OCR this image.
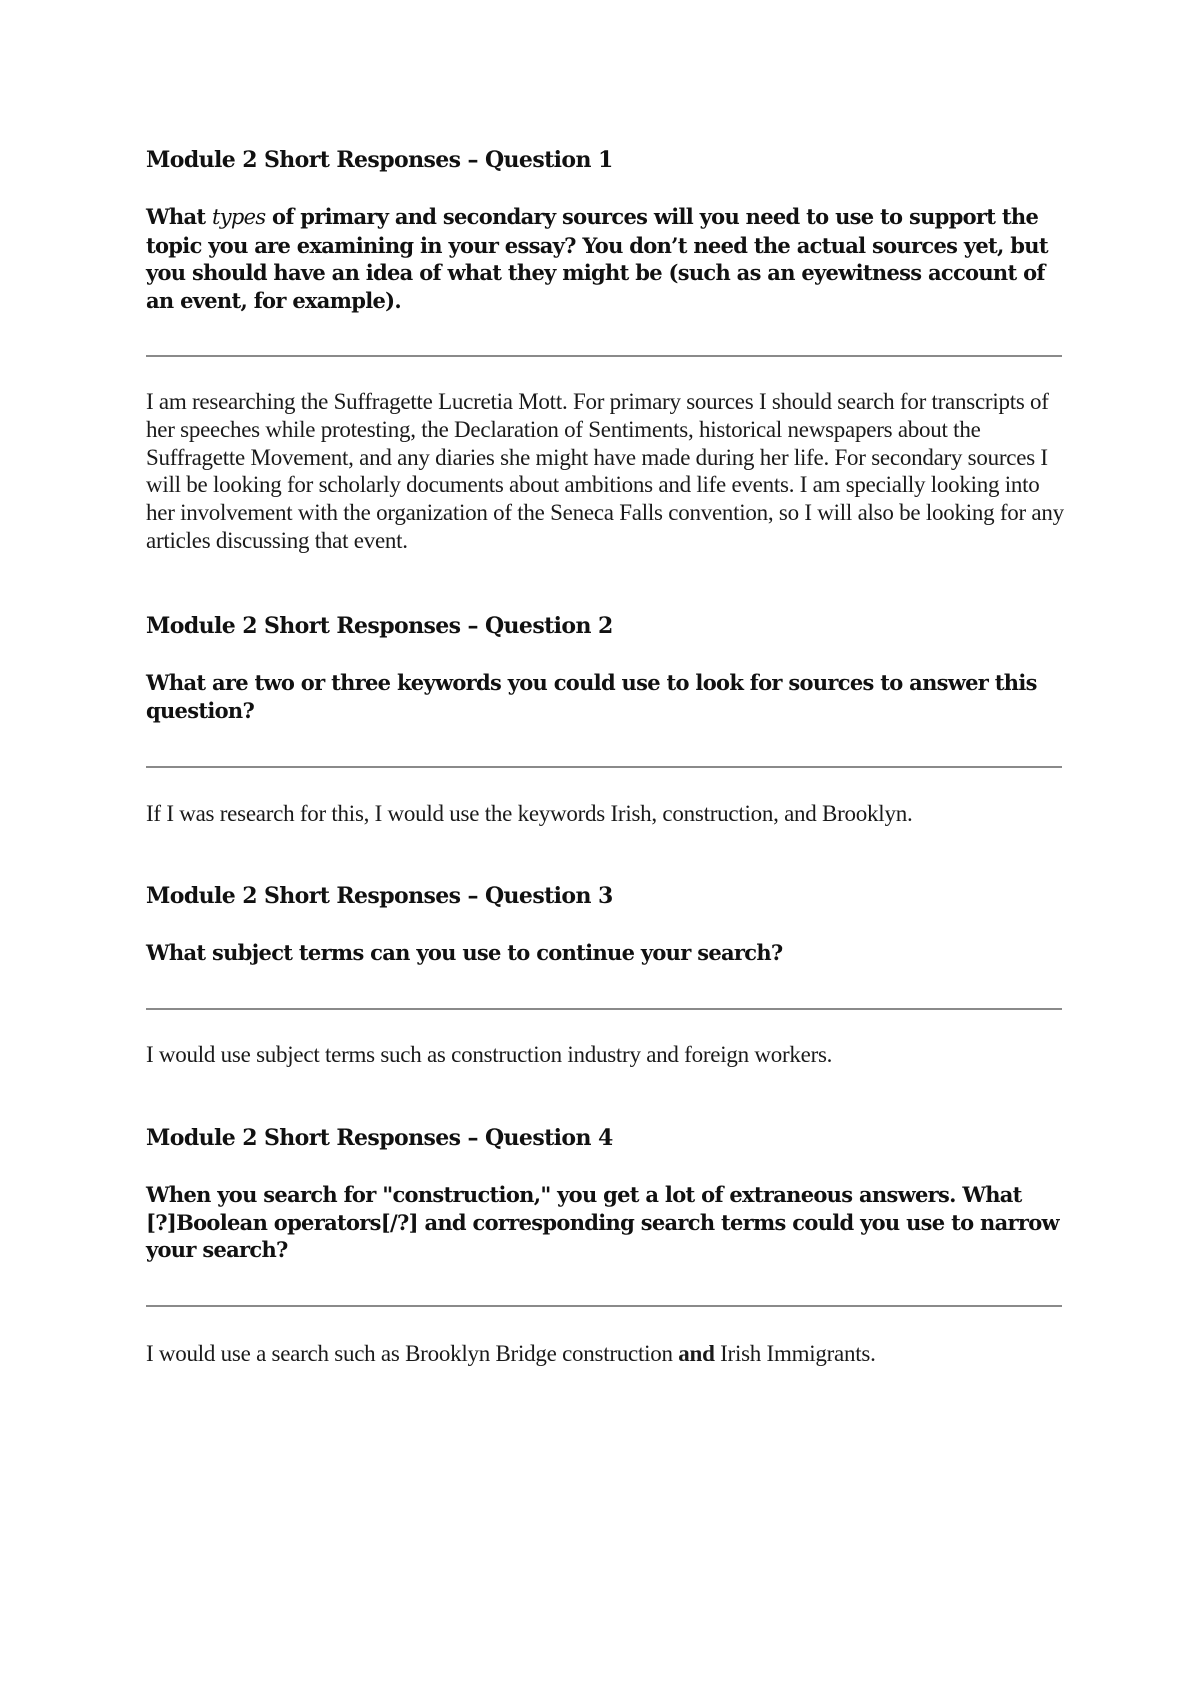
Module 2 Short Responses – Question 1
What types of primary and secondary sources will you need to use to support the topic you are examining in your essay? You don’t need the actual sources yet, but you should have an idea of what they might be (such as an eyewitness account of an event, for example).
I am researching the Suffragette Lucretia Mott. For primary sources I should search for transcripts of her speeches while protesting, the Declaration of Sentiments, historical newspapers about the Suffragette Movement, and any diaries she might have made during her life. For secondary sources I will be looking for scholarly documents about ambitions and life events. I am specially looking into her involvement with the organization of the Seneca Falls convention, so I will also be looking for any articles discussing that event.
Module 2 Short Responses – Question 2
What are two or three keywords you could use to look for sources to answer this question?
If I was research for this, I would use the keywords Irish, construction, and Brooklyn.
Module 2 Short Responses – Question 3
What subject terms can you use to continue your search?
I would use subject terms such as construction industry and foreign workers.
Module 2 Short Responses – Question 4
When you search for "construction," you get a lot of extraneous answers. What [?]Boolean operators[/?] and corresponding search terms could you use to narrow your search?
I would use a search such as Brooklyn Bridge construction and Irish Immigrants.
